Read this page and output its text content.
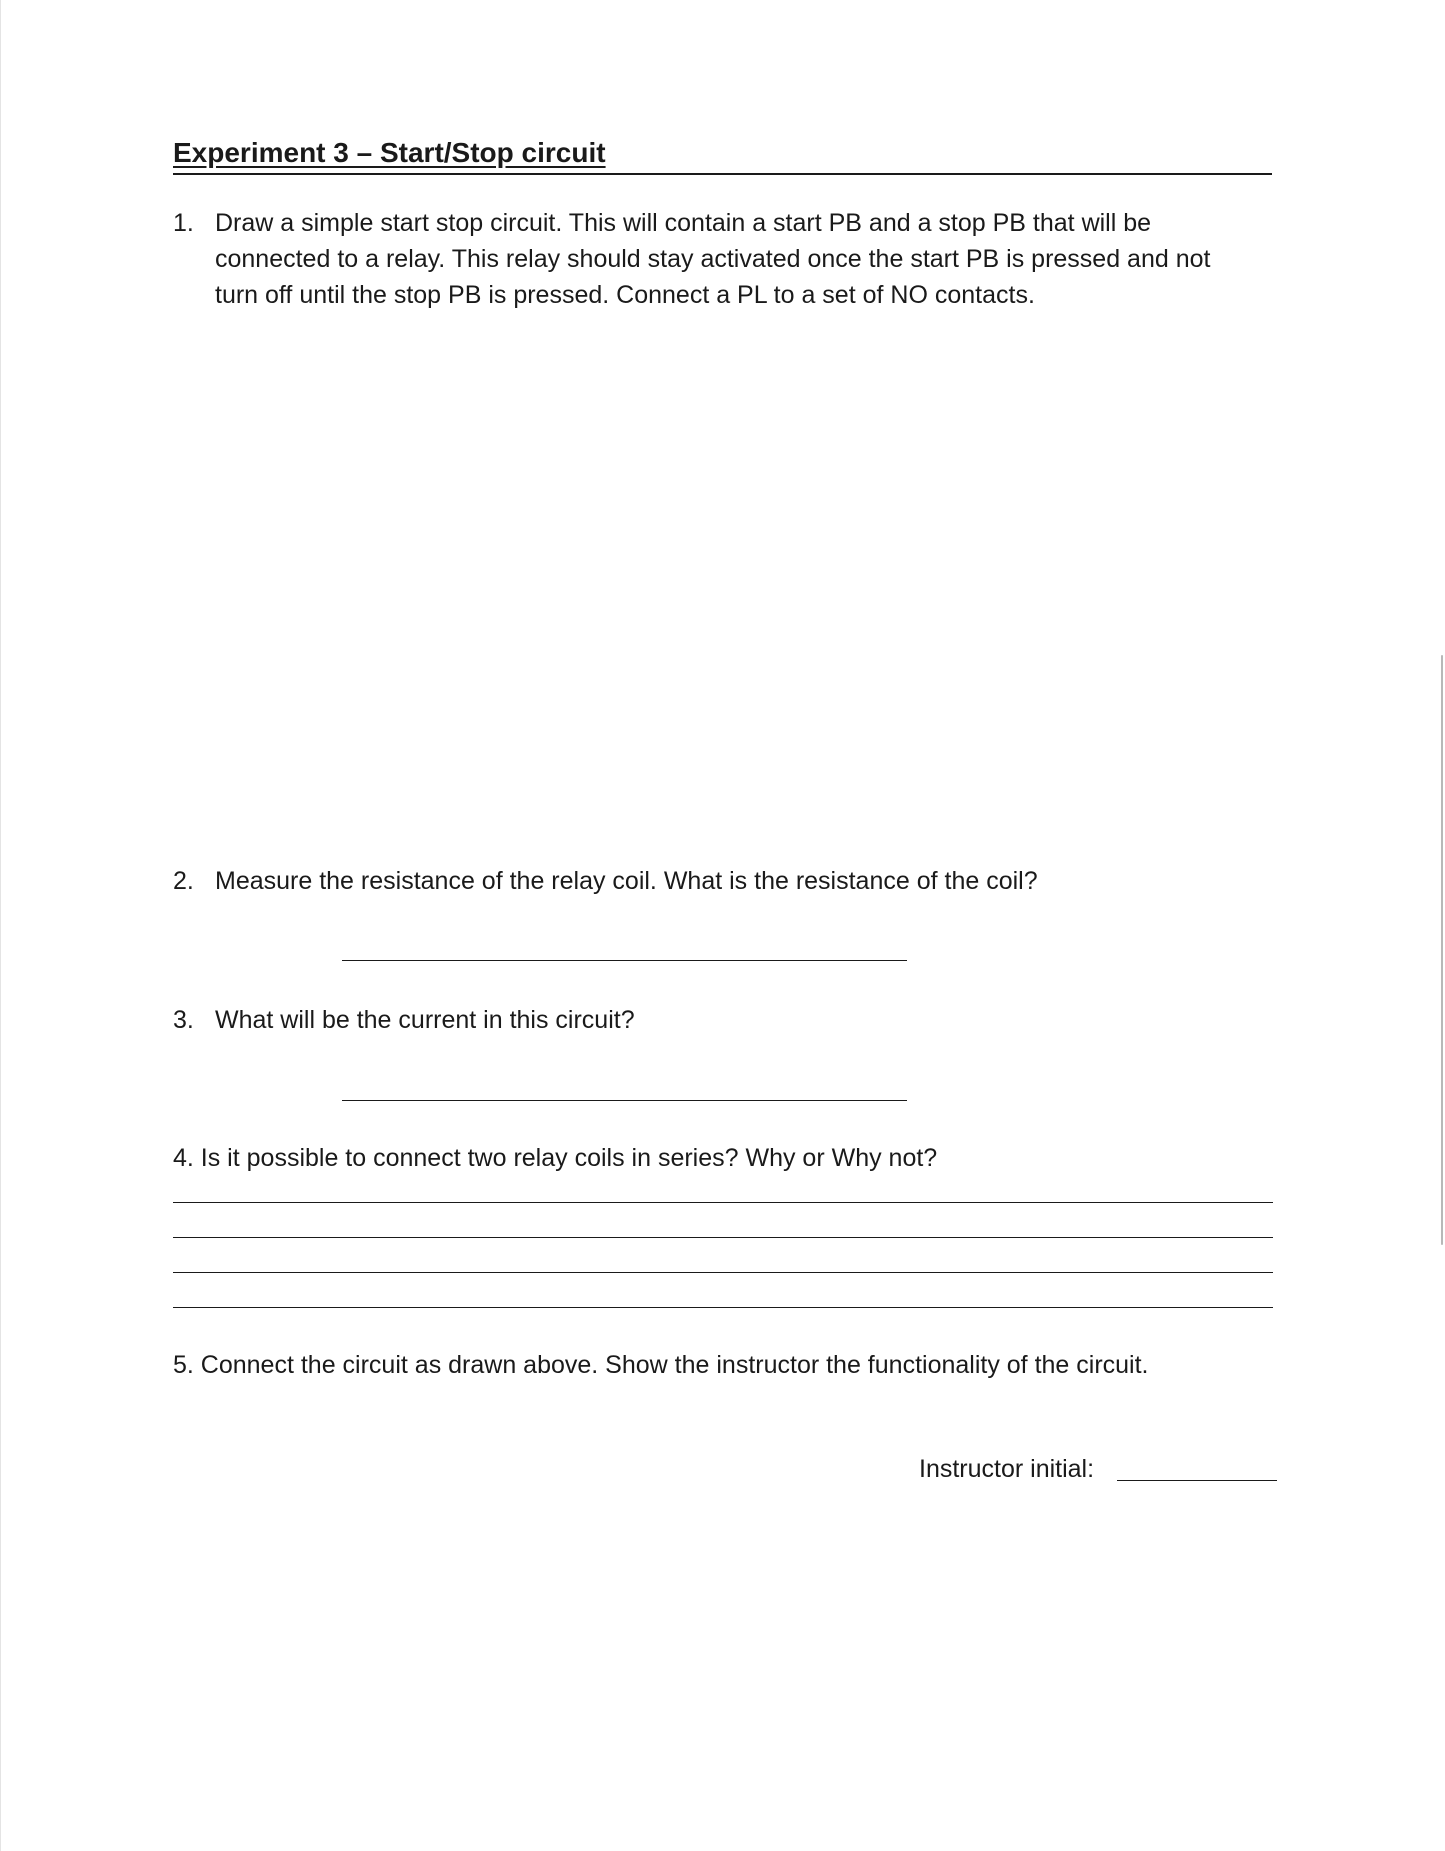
Experiment 3 – Start/Stop circuit
1. Draw a simple start stop circuit. This will contain a start PB and a stop PB that will be connected to a relay. This relay should stay activated once the start PB is pressed and not turn off until the stop PB is pressed. Connect a PL to a set of NO contacts.
2. Measure the resistance of the relay coil. What is the resistance of the coil?
3. What will be the current in this circuit?
4. Is it possible to connect two relay coils in series? Why or Why not?
5. Connect the circuit as drawn above. Show the instructor the functionality of the circuit.
Instructor initial:
